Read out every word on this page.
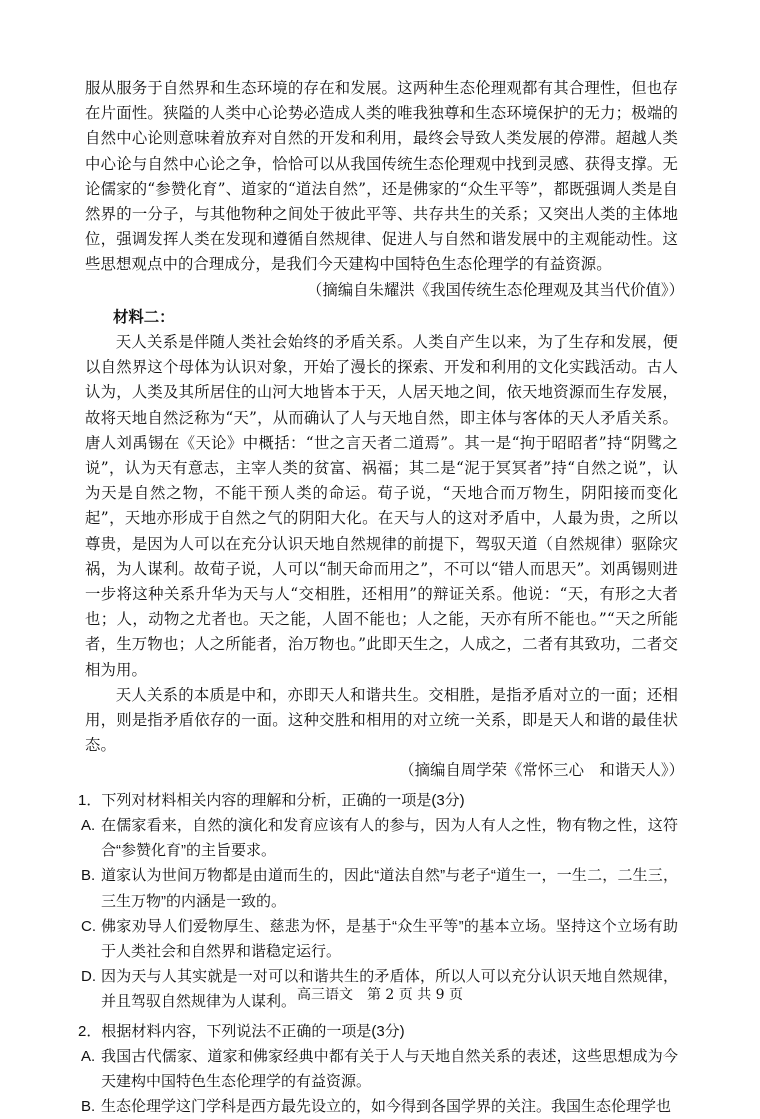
服从服务于自然界和生态环境的存在和发展。这两种生态伦理观都有其合理性，但也存在片面性。狭隘的人类中心论势必造成人类的唯我独尊和生态环境保护的无力；极端的自然中心论则意味着放弃对自然的开发和利用，最终会导致人类发展的停滞。超越人类中心论与自然中心论之争，恰恰可以从我国传统生态伦理观中找到灵感、获得支撑。无论儒家的“参赞化育”、道家的“道法自然”，还是佛家的“众生平等”，都既强调人类是自然界的一分子，与其他物种之间处于彼此平等、共存共生的关系；又突出人类的主体地位，强调发挥人类在发现和遵循自然规律、促进人与自然和谐发展中的主观能动性。这些思想观点中的合理成分，是我们今天建构中国特色生态伦理学的有益资源。

（摘编自朱耀洪《我国传统生态伦理观及其当代价值》）

材料二：

天人关系是伴随人类社会始终的矛盾关系。人类自产生以来，为了生存和发展，便以自然界这个母体为认识对象，开始了漫长的探索、开发和利用的文化实践活动。古人认为，人类及其所居住的山河大地皆本于天，人居天地之间，依天地资源而生存发展，故将天地自然泛称为“天”，从而确认了人与天地自然，即主体与客体的天人矛盾关系。唐人刘禹锡在《天论》中概括：“世之言天者二道焉”。其一是“拘于昭昭者”持“阴骘之说”，认为天有意志，主宰人类的贫富、祸福；其二是“泥于冥冥者”持“自然之说”，认为天是自然之物，不能干预人类的命运。荀子说，“天地合而万物生，阴阳接而变化起”，天地亦形成于自然之气的阴阳大化。在天与人的这对矛盾中，人最为贵，之所以尊贵，是因为人可以在充分认识天地自然规律的前提下，驾驭天道（自然规律）驱除灾祸，为人谋利。故荀子说，人可以“制天命而用之”，不可以“错人而思天”。刘禹锡则进一步将这种关系升华为天与人“交相胜，还相用”的辩证关系。他说：“天，有形之大者也；人，动物之尤者也。天之能，人固不能也；人之能，天亦有所不能也。”“天之所能者，生万物也；人之所能者，治万物也。”此即天生之，人成之，二者有其致功，二者交相为用。

天人关系的本质是中和，亦即天人和谐共生。交相胜，是指矛盾对立的一面；还相用，则是指矛盾依存的一面。这种交胜和相用的对立统一关系，即是天人和谐的最佳状态。

（摘编自周学荣《常怀三心　和谐天人》）

1．下列对材料相关内容的理解和分析，正确的一项是(3分)

A. 在儒家看来，自然的演化和发育应该有人的参与，因为人有人之性，物有物之性，这符合“参赞化育”的主旨要求。
B. 道家认为世间万物都是由道而生的，因此“道法自然”与老子“道生一，一生二，二生三，三生万物”的内涵是一致的。
C. 佛家劝导人们爱物厚生、慈悲为怀，是基于“众生平等”的基本立场。坚持这个立场有助于人类社会和自然界和谐稳定运行。
D. 因为天与人其实就是一对可以和谐共生的矛盾体，所以人可以充分认识天地自然规律，并且驾驭自然规律为人谋利。

2．根据材料内容，下列说法不正确的一项是(3分)

A. 我国古代儒家、道家和佛家经典中都有关于人与天地自然关系的表述，这些思想成为今天建构中国特色生态伦理学的有益资源。
B. 生态伦理学这门学科是西方最先设立的，如今得到各国学界的关注。我国生态伦理学也
高三语文　第 2 页 共 9 页
